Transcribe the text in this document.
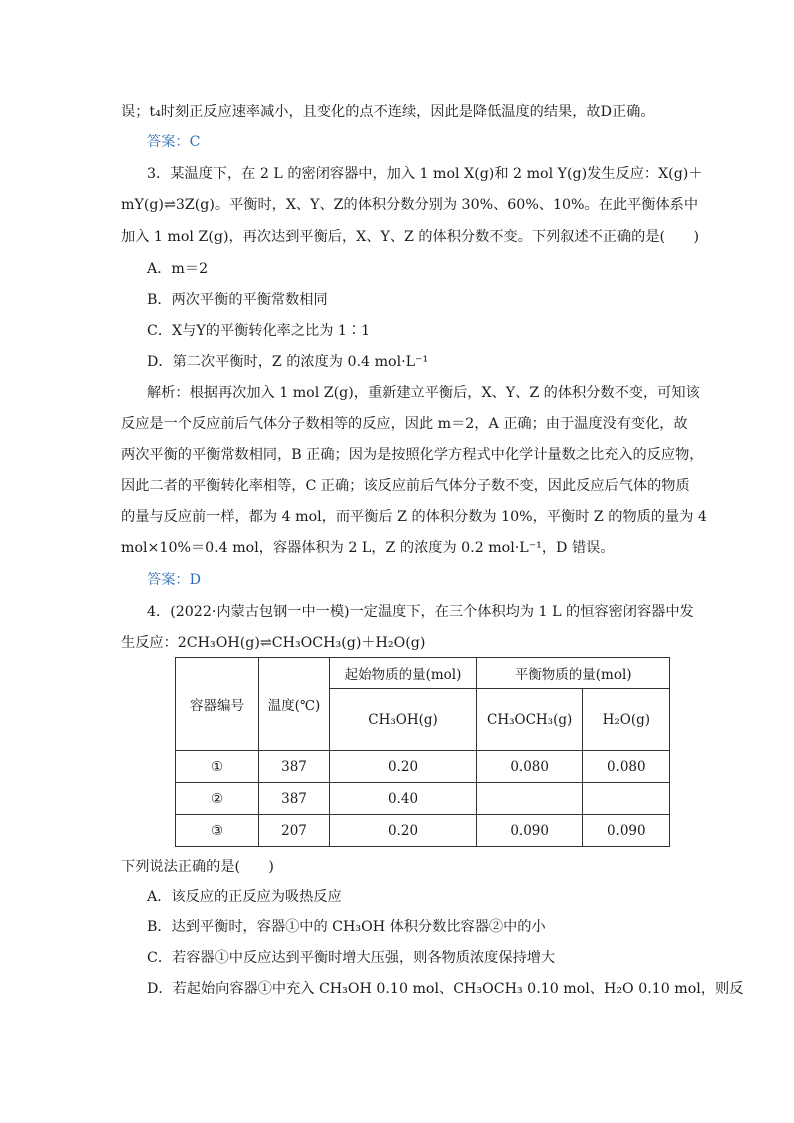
误；t₄时刻正反应速率减小，且变化的点不连续，因此是降低温度的结果，故D正确。
答案：C
3．某温度下，在 2 L 的密闭容器中，加入 1 mol X(g)和 2 mol Y(g)发生反应：X(g)＋
mY(g)⇌3Z(g)。平衡时，X、Y、Z的体积分数分别为 30%、60%、10%。在此平衡体系中
加入 1 mol Z(g)，再次达到平衡后，X、Y、Z 的体积分数不变。下列叙述不正确的是(　　)
A．m＝2
B．两次平衡的平衡常数相同
C．X与Y的平衡转化率之比为 1∶1
D．第二次平衡时，Z 的浓度为 0.4 mol·L⁻¹
解析：根据再次加入 1 mol Z(g)，重新建立平衡后，X、Y、Z 的体积分数不变，可知该
反应是一个反应前后气体分子数相等的反应，因此 m＝2，A 正确；由于温度没有变化，故
两次平衡的平衡常数相同，B 正确；因为是按照化学方程式中化学计量数之比充入的反应物，
因此二者的平衡转化率相等，C 正确；该反应前后气体分子数不变，因此反应后气体的物质
的量与反应前一样，都为 4 mol，而平衡后 Z 的体积分数为 10%，平衡时 Z 的物质的量为 4
mol×10%＝0.4 mol，容器体积为 2 L，Z 的浓度为 0.2 mol·L⁻¹，D 错误。
答案：D
4．(2022·内蒙古包钢一中一模)一定温度下，在三个体积均为 1 L 的恒容密闭容器中发
生反应：2CH₃OH(g)⇌CH₃OCH₃(g)＋H₂O(g)
容器编号	温度(℃)	起始物质的量(mol)	平衡物质的量(mol)	
		CH₃OH(g)	CH₃OCH₃(g)	H₂O(g)
①	387	0.20	0.080	0.080
②	387	0.40		
③	207	0.20	0.090	0.090
下列说法正确的是(　　)
A．该反应的正反应为吸热反应
B．达到平衡时，容器①中的 CH₃OH 体积分数比容器②中的小
C．若容器①中反应达到平衡时增大压强，则各物质浓度保持增大
D．若起始向容器①中充入 CH₃OH 0.10 mol、CH₃OCH₃ 0.10 mol、H₂O 0.10 mol，则反
